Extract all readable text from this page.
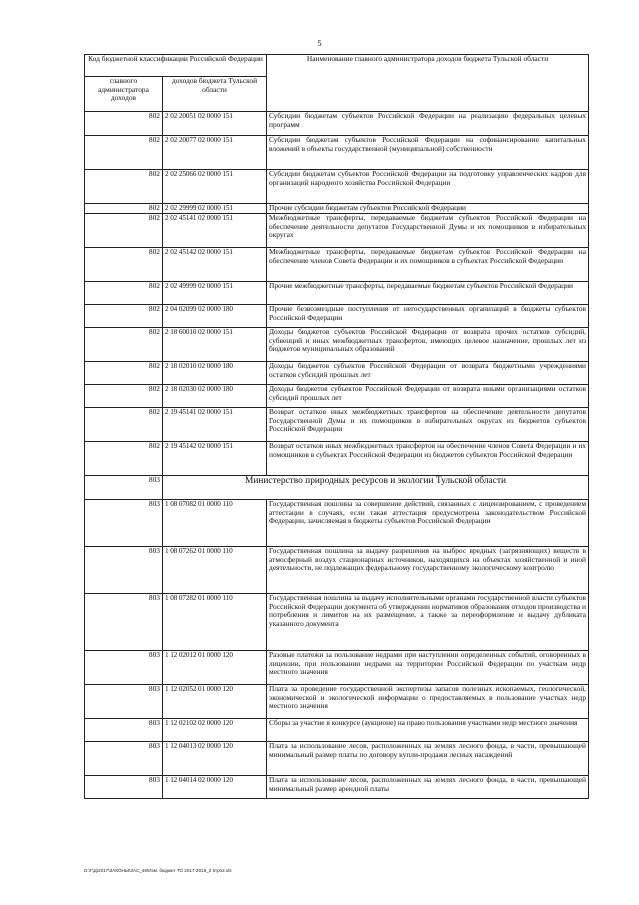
5
Код бюджетной классификации Российской Федерации		Наименование главного администратора доходов бюджета Тульской области
главного администратора доходов	доходов бюджета Тульской области	
802	2 02 20051 02 0000 151	Субсидии бюджетам субъектов Российской Федерации на реализацию федеральных целевых программ
802	2 02 20077 02 0000 151	Субсидии бюджетам субъектов Российской Федерации на софинансирование капитальных вложений в объекты государственной (муниципальной) собственности
802	2 02 25066 02 0000 151	Субсидии бюджетам субъектов Российской Федерации на подготовку управленческих кадров для организаций народного хозяйства Российской Федерации
802	2 02 29999 02 0000 151	Прочие субсидии бюджетам субъектов Российской Федерации
802	2 02 45141 02 0000 151	Межбюджетные трансферты, передаваемые бюджетам субъектов Российской Федерации на обеспечение деятельности депутатов Государственной Думы и их помощников в избирательных округах
802	2 02 45142 02 0000 151	Межбюджетные трансферты, передаваемые бюджетам субъектов Российской Федерации на обеспечение членов Совета Федерации и их помощников в субъектах Российской Федерации
802	2 02 49999 02 0000 151	Прочие межбюджетные трансферты, передаваемые бюджетам субъектов Российской Федерации
802	2 04 02099 02 0000 180	Прочие безвозмездные поступления от негосударственных организаций в бюджеты субъектов Российской Федерации
802	2 18 60010 02 0000 151	Доходы бюджетов субъектов Российской Федерации от возврата прочих остатков субсидий, субвенций и иных межбюджетных трансфертов, имеющих целевое назначение, прошлых лет из бюджетов муниципальных образований
802	2 18 02010 02 0000 180	Доходы бюджетов субъектов Российской Федерации от возврата бюджетными учреждениями остатков субсидий прошлых лет
802	2 18 02030 02 0000 180	Доходы бюджетов субъектов Российской Федерации от возврата иными организациями остатков субсидий прошлых лет
802	2 19 45141 02 0000 151	Возврат остатков иных межбюджетных трансфертов на обеспечение деятельности депутатов Государственной Думы и их помощников в избирательных округах из бюджетов субъектов Российской Федерации
802	2 19 45142 02 0000 151	Возврат остатков иных межбюджетных трансфертов на обеспечение членов Совета Федерации и их помощников в субъектах Российской Федерации из бюджетов субъектов Российской Федерации
803	Министерство природных ресурсов и экологии Тульской области	
803	1 08 07082 01 0000 110	Государственная пошлина за совершение действий, связанных с лицензированием, с проведением аттестации в случаях, если такая аттестация предусмотрена законодательством Российской Федерации, зачисляемая в бюджеты субъектов Российской Федерации
803	1 08 07262 01 0000 110	Государственная пошлина за выдачу разрешения на выброс вредных (загрязняющих) веществ в атмосферный воздух стационарных источников, находящихся на объектах хозяйственной и иной деятельности, не подлежащих федеральному государственному экологическому контролю
803	1 08 07282 01 0000 110	Государственная пошлина за выдачу исполнительными органами государственной власти субъектов Российской Федерации документа об утверждении нормативов образования отходов производства и потребления и лимитов на их размещение, а также за переоформление и выдачу дубликата указанного документа
803	1 12 02012 01 0000 120	Разовые платежи за пользование недрами при наступлении определенных событий, оговоренных в лицензии, при пользовании недрами на территории Российской Федерации по участкам недр местного значения
803	1 12 02052 01 0000 120	Плата за проведение государственной экспертизы запасов полезных ископаемых, геологической, экономической и экологической информации о предоставляемых в пользование участках недр местного значения
803	1 12 02102 02 0000 120	Сборы за участие в конкурсе (аукционе) на право пользования участками недр местного значения
803	1 12 04013 02 0000 120	Плата за использование лесов, расположенных на землях лесного фонда, в части, превышающей минимальный размер платы по договору купли-продажи лесных насаждений
803	1 12 04014 02 0000 120	Плата за использование лесов, расположенных на землях лесного фонда, в части, превышающей минимальный размер арендной платы
D:\Г\Д\2017\ЗАКОНЫ\ЗАС_49\Изм. бюджет ТО 2017-2019_2 втрп2.xls
